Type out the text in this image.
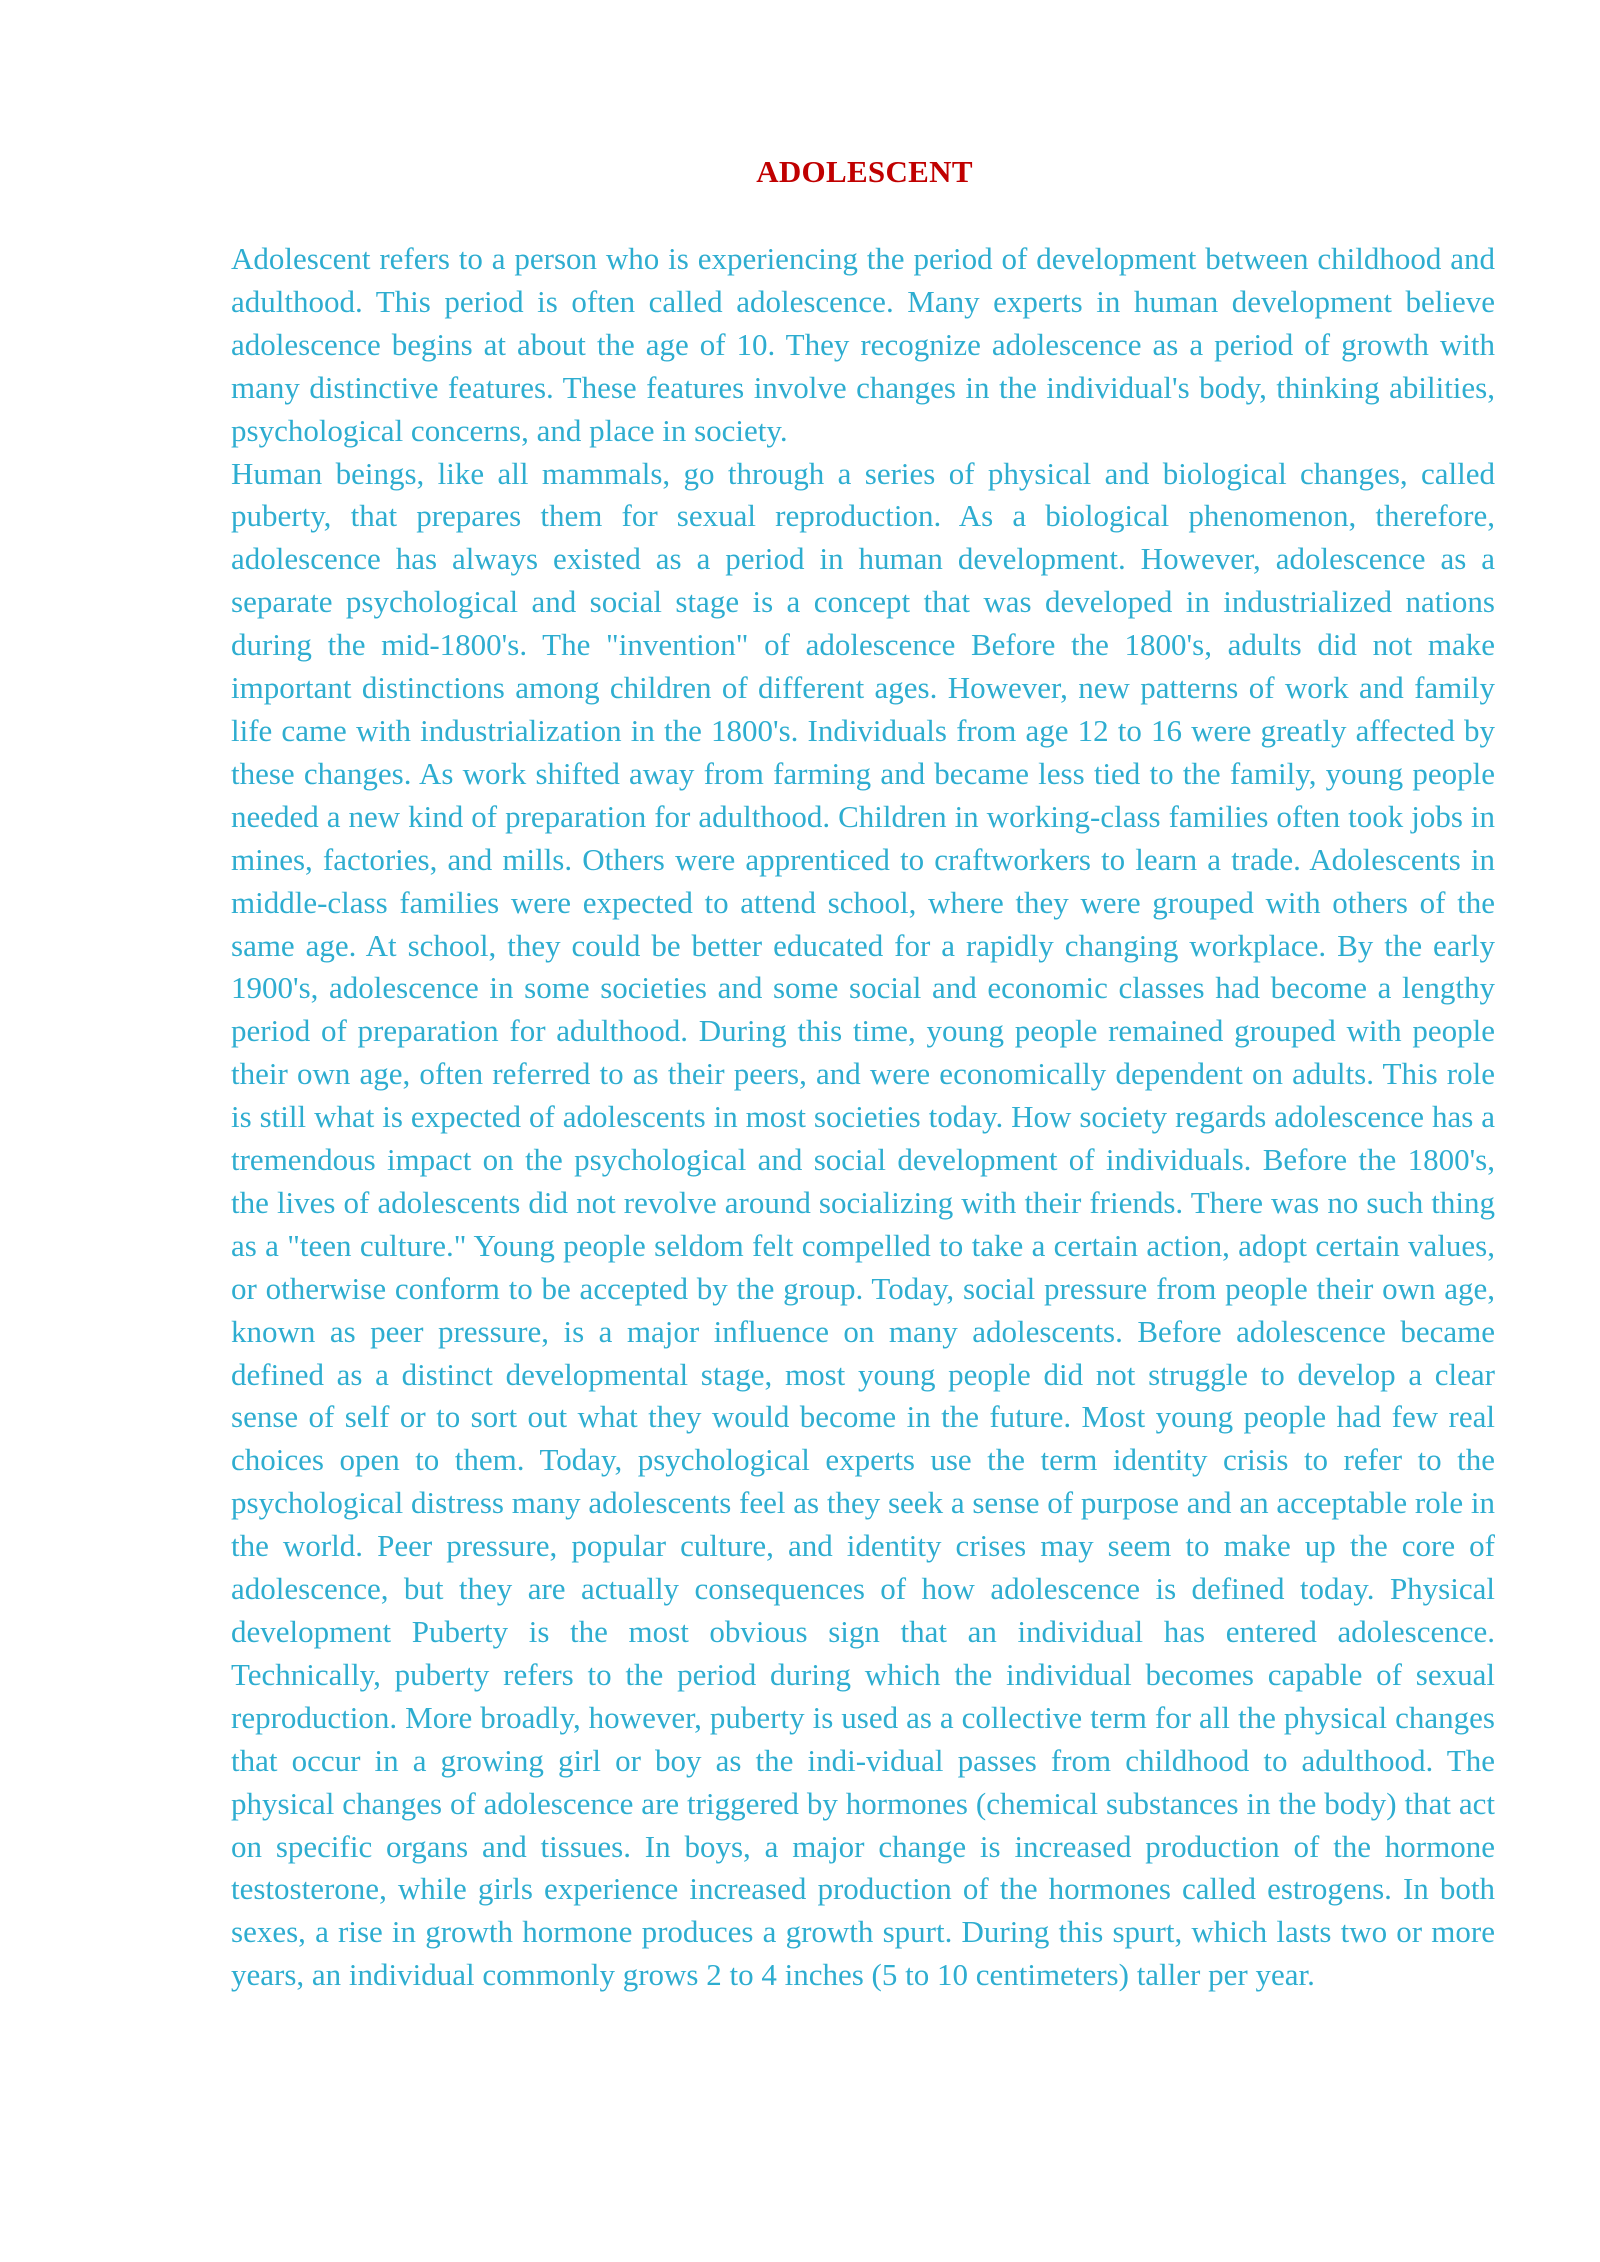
ADOLESCENT

Adolescent refers to a person who is experiencing the period of development between childhood and adulthood. This period is often called adolescence. Many experts in human development believe adolescence begins at about the age of 10. They recognize adolescence as a period of growth with many distinctive features. These features involve changes in the individual's body, thinking abilities, psychological concerns, and place in society.

Human beings, like all mammals, go through a series of physical and biological changes, called puberty, that prepares them for sexual reproduction. As a biological phenomenon, therefore, adolescence has always existed as a period in human development. However, adolescence as a separate psychological and social stage is a concept that was developed in industrialized nations during the mid-1800's. The "invention" of adolescence Before the 1800's, adults did not make important distinctions among children of different ages. However, new patterns of work and family life came with industrialization in the 1800's. Individuals from age 12 to 16 were greatly affected by these changes. As work shifted away from farming and became less tied to the family, young people needed a new kind of preparation for adulthood. Children in working-class families often took jobs in mines, factories, and mills. Others were apprenticed to craftworkers to learn a trade. Adolescents in middle-class families were expected to attend school, where they were grouped with others of the same age. At school, they could be better educated for a rapidly changing workplace. By the early 1900's, adolescence in some societies and some social and economic classes had become a lengthy period of preparation for adulthood. During this time, young people remained grouped with people their own age, often referred to as their peers, and were economically dependent on adults. This role is still what is expected of adolescents in most societies today. How society regards adolescence has a tremendous impact on the psychological and social development of individuals. Before the 1800's, the lives of adolescents did not revolve around socializing with their friends. There was no such thing as a "teen culture." Young people seldom felt compelled to take a certain action, adopt certain values, or otherwise conform to be accepted by the group. Today, social pressure from people their own age, known as peer pressure, is a major influence on many adolescents. Before adolescence became defined as a distinct developmental stage, most young people did not struggle to develop a clear sense of self or to sort out what they would become in the future. Most young people had few real choices open to them. Today, psychological experts use the term identity crisis to refer to the psychological distress many adolescents feel as they seek a sense of purpose and an acceptable role in the world. Peer pressure, popular culture, and identity crises may seem to make up the core of adolescence, but they are actually consequences of how adolescence is defined today. Physical development Puberty is the most obvious sign that an individual has entered adolescence. Technically, puberty refers to the period during which the individual becomes capable of sexual reproduction. More broadly, however, puberty is used as a collective term for all the physical changes that occur in a growing girl or boy as the indi-vidual passes from childhood to adulthood. The physical changes of adolescence are triggered by hormones (chemical substances in the body) that act on specific organs and tissues. In boys, a major change is increased production of the hormone testosterone, while girls experience increased production of the hormones called estrogens. In both sexes, a rise in growth hormone produces a growth spurt. During this spurt, which lasts two or more years, an individual commonly grows 2 to 4 inches (5 to 10 centimeters) taller per year.
